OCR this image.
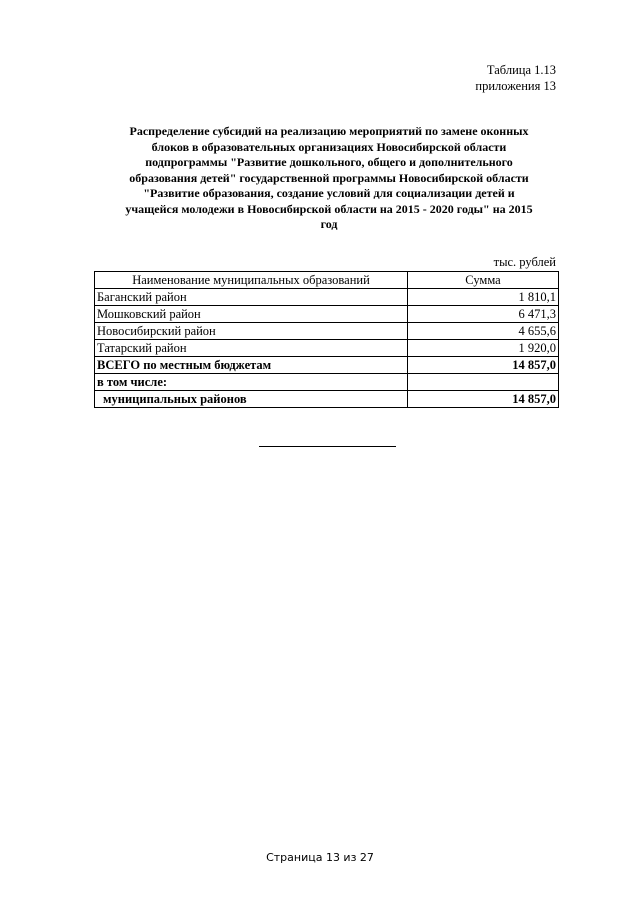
Таблица 1.13
приложения 13
Распределение субсидий на реализацию мероприятий по замене оконных
блоков в образовательных организациях Новосибирской области
подпрограммы "Развитие дошкольного, общего и дополнительного
образования детей" государственной программы Новосибирской области
"Развитие образования, создание условий для социализации детей и
учащейся молодежи в Новосибирской области на 2015 - 2020 годы" на 2015
год
тыс. рублей
Наименование муниципальных образований	Сумма
Баганский район	1 810,1
Мошковский район	6 471,3
Новосибирский район	4 655,6
Татарский район	1 920,0
ВСЕГО по местным бюджетам	14 857,0
в том числе:	
муниципальных районов	14 857,0
Страница 13 из 27
